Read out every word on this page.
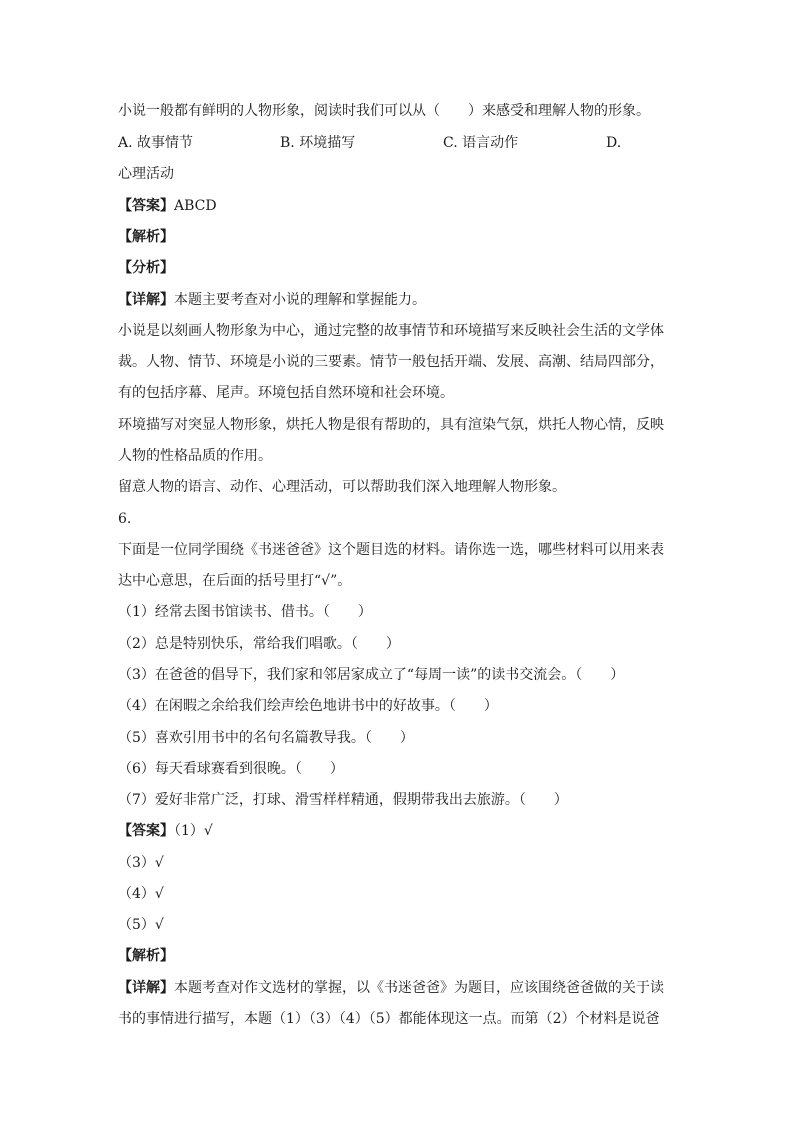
小说一般都有鲜明的人物形象，阅读时我们可以从（　　）来感受和理解人物的形象。
A. 故事情节	B. 环境描写	C. 语言动作	D.
心理活动
【答案】ABCD
【解析】
【分析】
【详解】本题主要考查对小说的理解和掌握能力。
小说是以刻画人物形象为中心，通过完整的故事情节和环境描写来反映社会生活的文学体
裁。人物、情节、环境是小说的三要素。情节一般包括开端、发展、高潮、结局四部分，
有的包括序幕、尾声。环境包括自然环境和社会环境。
环境描写对突显人物形象，烘托人物是很有帮助的，具有渲染气氛，烘托人物心情，反映
人物的性格品质的作用。
留意人物的语言、动作、心理活动，可以帮助我们深入地理解人物形象。
6.
下面是一位同学围绕《书迷爸爸》这个题目选的材料。请你选一选，哪些材料可以用来表
达中心意思，在后面的括号里打“√”。
（1）经常去图书馆读书、借书。（　　）
（2）总是特别快乐，常给我们唱歌。（　　）
（3）在爸爸的倡导下，我们家和邻居家成立了“每周一读”的读书交流会。（　　）
（4）在闲暇之余给我们绘声绘色地讲书中的好故事。（　　）
（5）喜欢引用书中的名句名篇教导我。（　　）
（6）每天看球赛看到很晚。（　　）
（7）爱好非常广泛，打球、滑雪样样精通，假期带我出去旅游。（　　）
【答案】（1）√
（3）√
（4）√
（5）√
【解析】
【详解】本题考查对作文选材的掌握，以《书迷爸爸》为题目，应该围绕爸爸做的关于读
书的事情进行描写，本题（1）（3）（4）（5）都能体现这一点。而第（2）个材料是说爸
